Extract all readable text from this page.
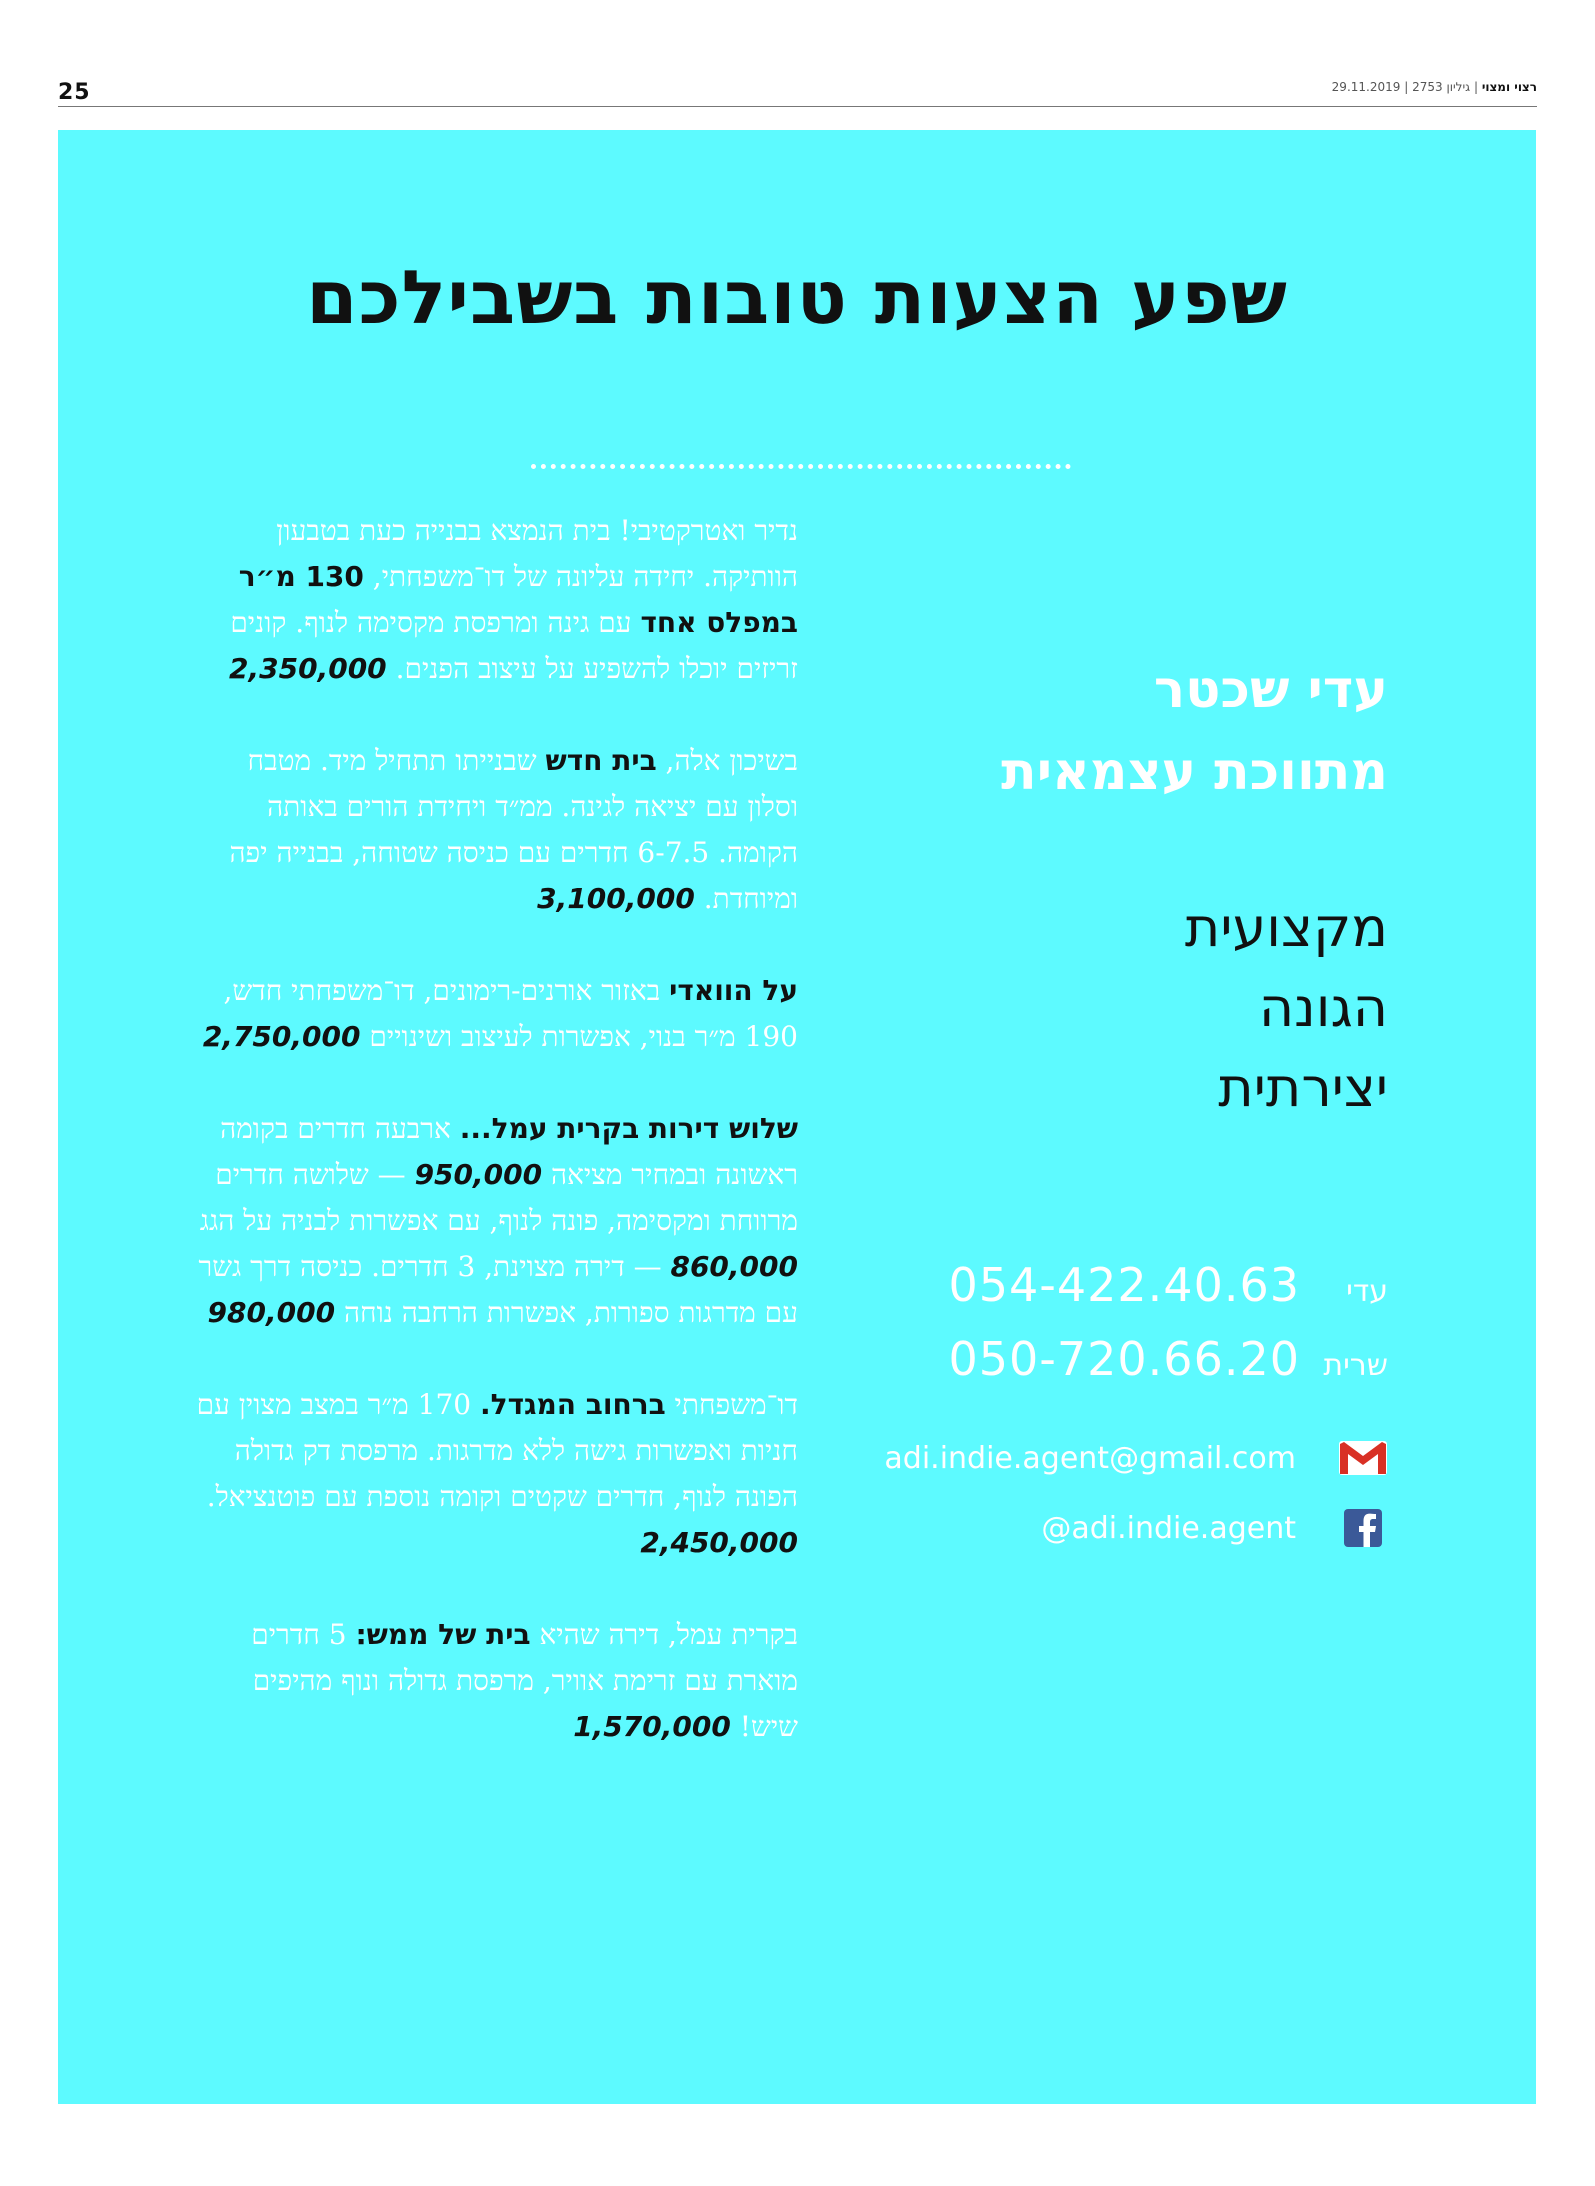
25	רצוי ומצוי | גיליון 2753 | 29.11.2019
שפע הצעות טובות בשבילכם
נדיר ואטרקטיבי! בית הנמצא בבנייה כעת בטבעון הוותיקה. יחידה עליונה של דו־משפחתי, 130 מ״ר במפלס אחד עם גינה ומרפסת מקסימה לנוף. קונים זריזים יוכלו להשפיע על עיצוב הפנים. 2,350,000
בשיכון אלה, בית חדש שבנייתו תתחיל מיד. מטבח וסלון עם יציאה לגינה. ממ״ד ויחידת הורים באותה הקומה. 6-7.5 חדרים עם כניסה שטוחה, בבנייה יפה ומיוחדת. 3,100,000
על הוואדי באזור אורנים-רימונים, דו־משפחתי חדש, 190 מ״ר בנוי, אפשרות לעיצוב ושינויים 2,750,000
שלוש דירות בקרית עמל... ארבעה חדרים בקומה ראשונה ובמחיר מציאה 950,000 — שלושה חדרים מרווחת ומקסימה, פונה לנוף, עם אפשרות לבניה על הגג 860,000 — דירה מצוינת, 3 חדרים. כניסה דרך גשר עם מדרגות ספורות, אפשרות הרחבה נוחה 980,000
דו־משפחתי ברחוב המגדל. 170 מ״ר במצב מצוין עם חניות ואפשרות גישה ללא מדרגות. מרפסת דק גדולה הפונה לנוף, חדרים שקטים וקומה נוספת עם פוטנציאל. 2,450,000
בקרית עמל, דירה שהיא בית של ממש: 5 חדרים מוארת עם זרימת אוויר, מרפסת גדולה ונוף מהיפים שיש! 1,570,000
עדי שכטר
מתווכת עצמאית
מקצועית
הגונה
יצירתית
עדי
054-422.40.63
שרית
050-720.66.20
adi.indie.agent@gmail.com
@adi.indie.agent
